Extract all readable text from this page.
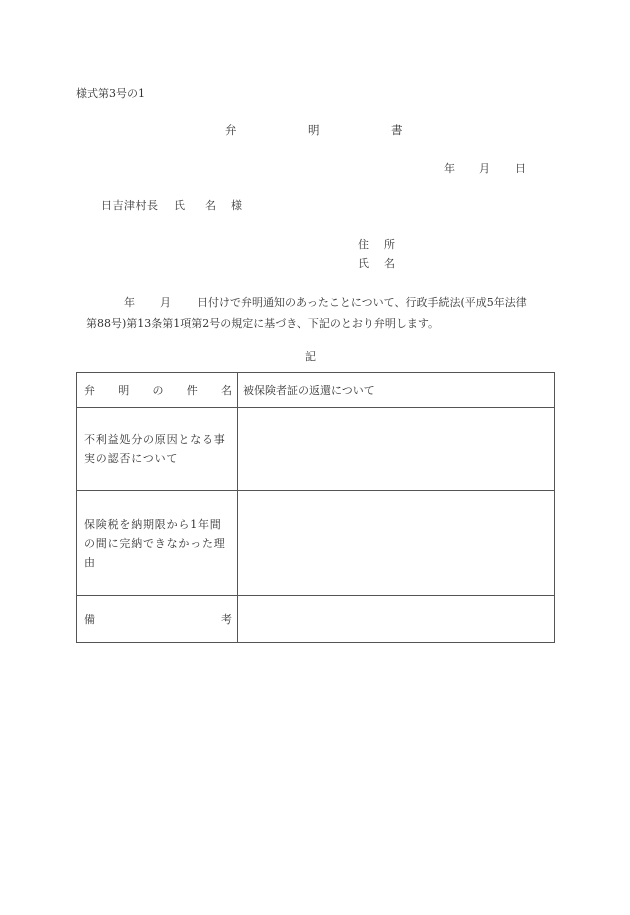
様式第3号の1
弁	明	書
年 月 日
日吉津村長 氏 名 様
住 所
氏 名
年 月 日付けで弁明通知のあったことについて、行政手続法(平成5年法律

第88号)第13条第1項第2号の規定に基づき、下記のとおり弁明します。
記
弁 明 の 件 名	被保険者証の返還について
不利益処分の原因となる事実の認否について	
保険税を納期限から1年間の間に完納できなかった理由	

備 考	
